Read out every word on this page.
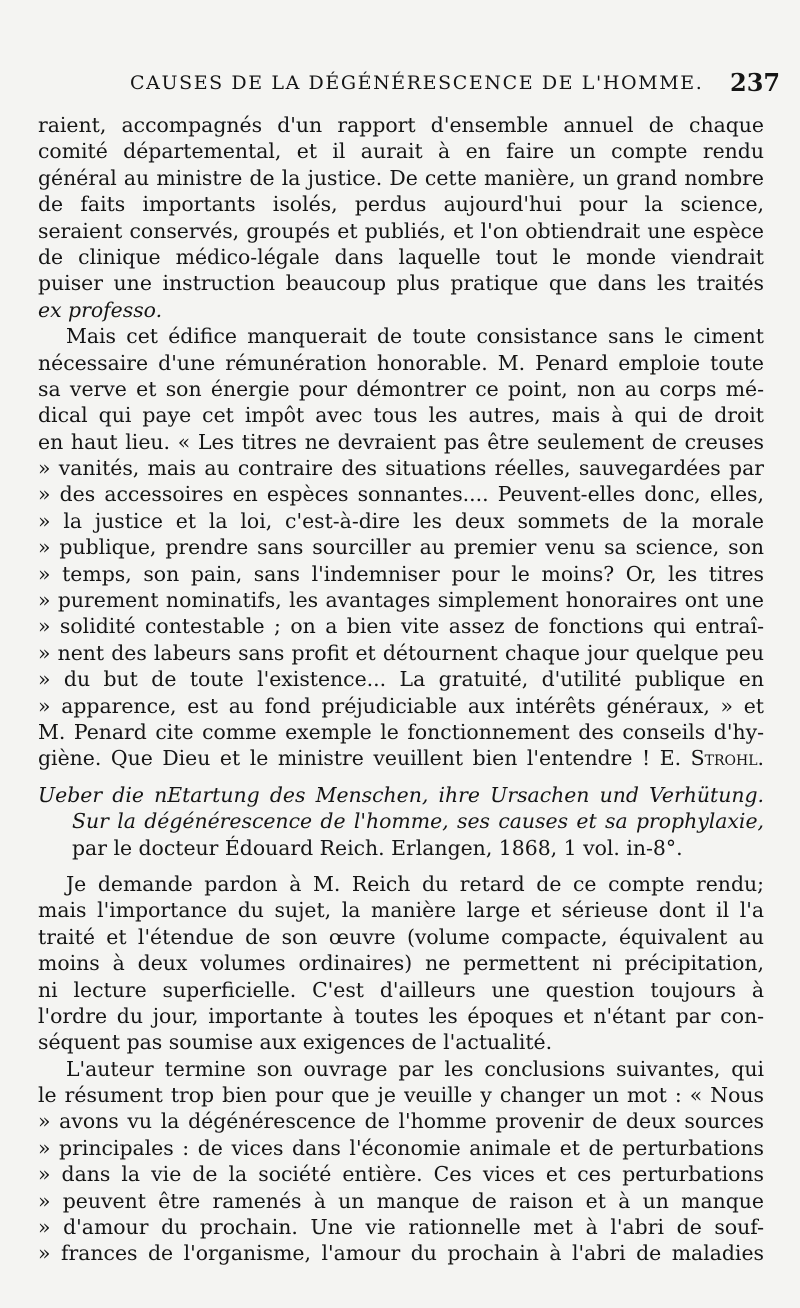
CAUSES DE LA DÉGÉNÉRESCENCE DE L'HOMME. 237
raient, accompagnés d'un rapport d'ensemble annuel de chaque
comité départemental, et il aurait à en faire un compte rendu
général au ministre de la justice. De cette manière, un grand nombre
de faits importants isolés, perdus aujourd'hui pour la science,
seraient conservés, groupés et publiés, et l'on obtiendrait une espèce
de clinique médico-légale dans laquelle tout le monde viendrait
puiser une instruction beaucoup plus pratique que dans les traités
ex professo.
Mais cet édifice manquerait de toute consistance sans le ciment
nécessaire d'une rémunération honorable. M. Penard emploie toute
sa verve et son énergie pour démontrer ce point, non au corps mé-
dical qui paye cet impôt avec tous les autres, mais à qui de droit
en haut lieu. « Les titres ne devraient pas être seulement de creuses
» vanités, mais au contraire des situations réelles, sauvegardées par
» des accessoires en espèces sonnantes.... Peuvent-elles donc, elles,
» la justice et la loi, c'est-à-dire les deux sommets de la morale
» publique, prendre sans sourciller au premier venu sa science, son
» temps, son pain, sans l'indemniser pour le moins? Or, les titres
» purement nominatifs, les avantages simplement honoraires ont une
» solidité contestable ; on a bien vite assez de fonctions qui entraî-
» nent des labeurs sans profit et détournent chaque jour quelque peu
» du but de toute l'existence... La gratuité, d'utilité publique en
» apparence, est au fond préjudiciable aux intérêts généraux, » et
M. Penard cite comme exemple le fonctionnement des conseils d'hy-
giène. Que Dieu et le ministre veuillent bien l'entendre ! E. Strohl.
Ueber die nEtartung des Menschen, ihre Ursachen und Verhütung.
Sur la dégénérescence de l'homme, ses causes et sa prophylaxie,
par le docteur Édouard Reich. Erlangen, 1868, 1 vol. in-8°.
Je demande pardon à M. Reich du retard de ce compte rendu;
mais l'importance du sujet, la manière large et sérieuse dont il l'a
traité et l'étendue de son œuvre (volume compacte, équivalent au
moins à deux volumes ordinaires) ne permettent ni précipitation,
ni lecture superficielle. C'est d'ailleurs une question toujours à
l'ordre du jour, importante à toutes les époques et n'étant par con-
séquent pas soumise aux exigences de l'actualité.
L'auteur termine son ouvrage par les conclusions suivantes, qui
le résument trop bien pour que je veuille y changer un mot : « Nous
» avons vu la dégénérescence de l'homme provenir de deux sources
» principales : de vices dans l'économie animale et de perturbations
» dans la vie de la société entière. Ces vices et ces perturbations
» peuvent être ramenés à un manque de raison et à un manque
» d'amour du prochain. Une vie rationnelle met à l'abri de souf-
» frances de l'organisme, l'amour du prochain à l'abri de maladies
